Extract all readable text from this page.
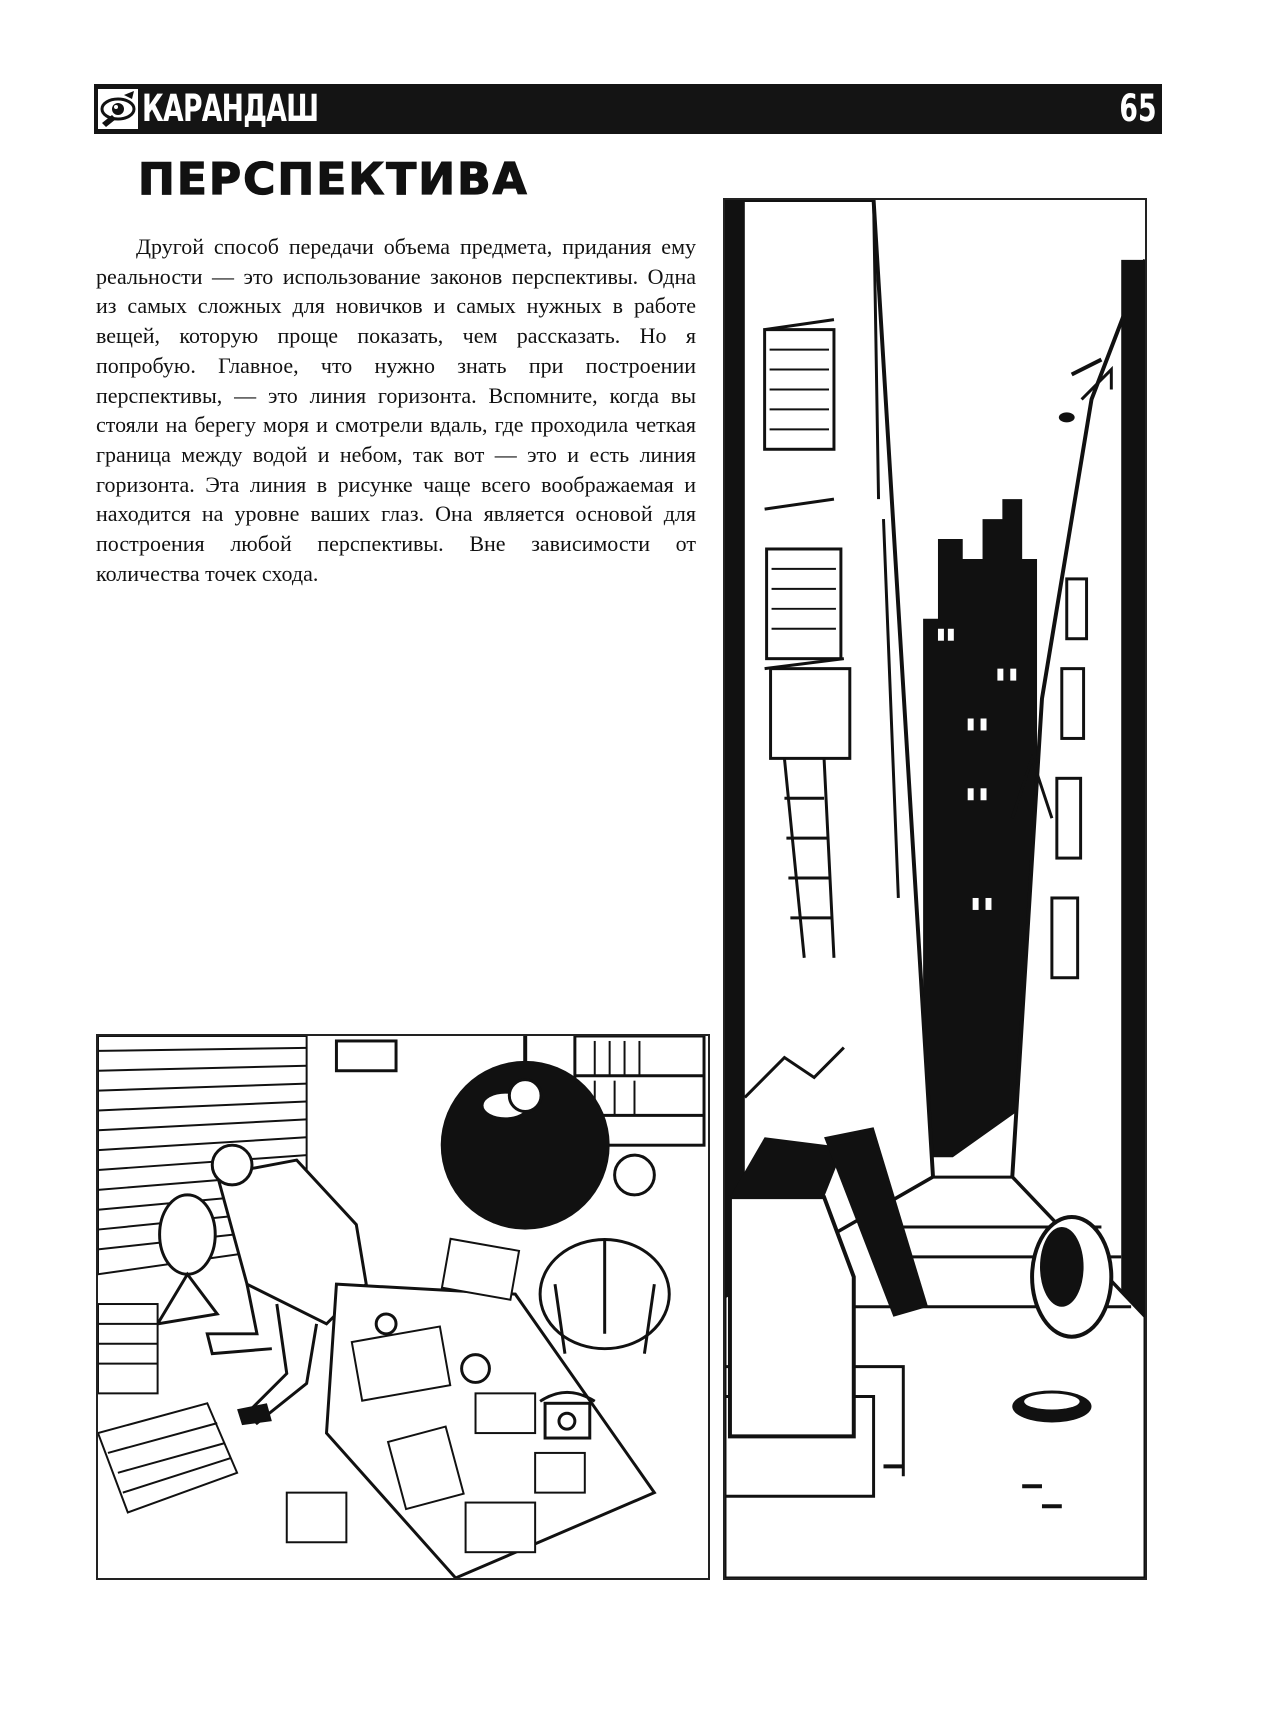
КАРАНДАШ	65
ПЕРСПЕКТИВА

Другой способ передачи объема предмета, придания ему реальности — это использование законов перспективы. Одна из самых сложных для новичков и самых нужных в работе вещей, которую проще показать, чем рассказать. Но я попробую. Главное, что нужно знать при построении перспективы, — это линия горизонта. Вспомните, когда вы стояли на берегу моря и смотрели вдаль, где проходила четкая граница между водой и небом, так вот — это и есть линия горизонта. Эта линия в рисунке чаще всего воображаемая и находится на уровне ваших глаз. Она является основой для построения любой перспективы. Вне зависимости от количества точек схода.
